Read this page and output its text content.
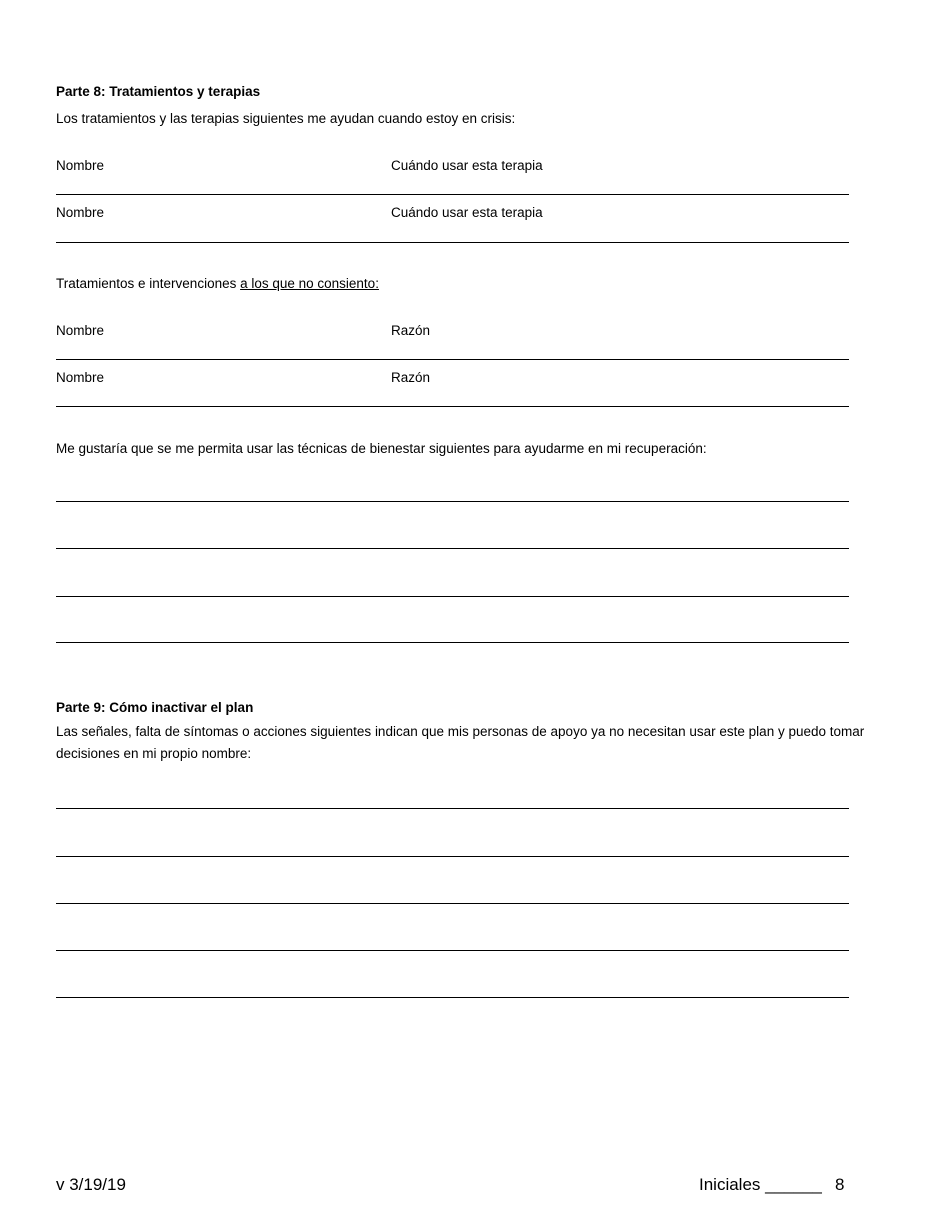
Parte 8: Tratamientos y terapias
Los tratamientos y las terapias siguientes me ayudan cuando estoy en crisis:
Nombre	Cuándo usar esta terapia
Nombre	Cuándo usar esta terapia
Tratamientos e intervenciones a los que no consiento:
Nombre	Razón
Nombre	Razón
Me gustaría que se me permita usar las técnicas de bienestar siguientes para ayudarme en mi recuperación:
Parte 9: Cómo inactivar el plan
Las señales, falta de síntomas o acciones siguientes indican que mis personas de apoyo ya no necesitan usar este plan y puedo tomar decisiones en mi propio nombre:
v 3/19/19	Iniciales ______ 8
